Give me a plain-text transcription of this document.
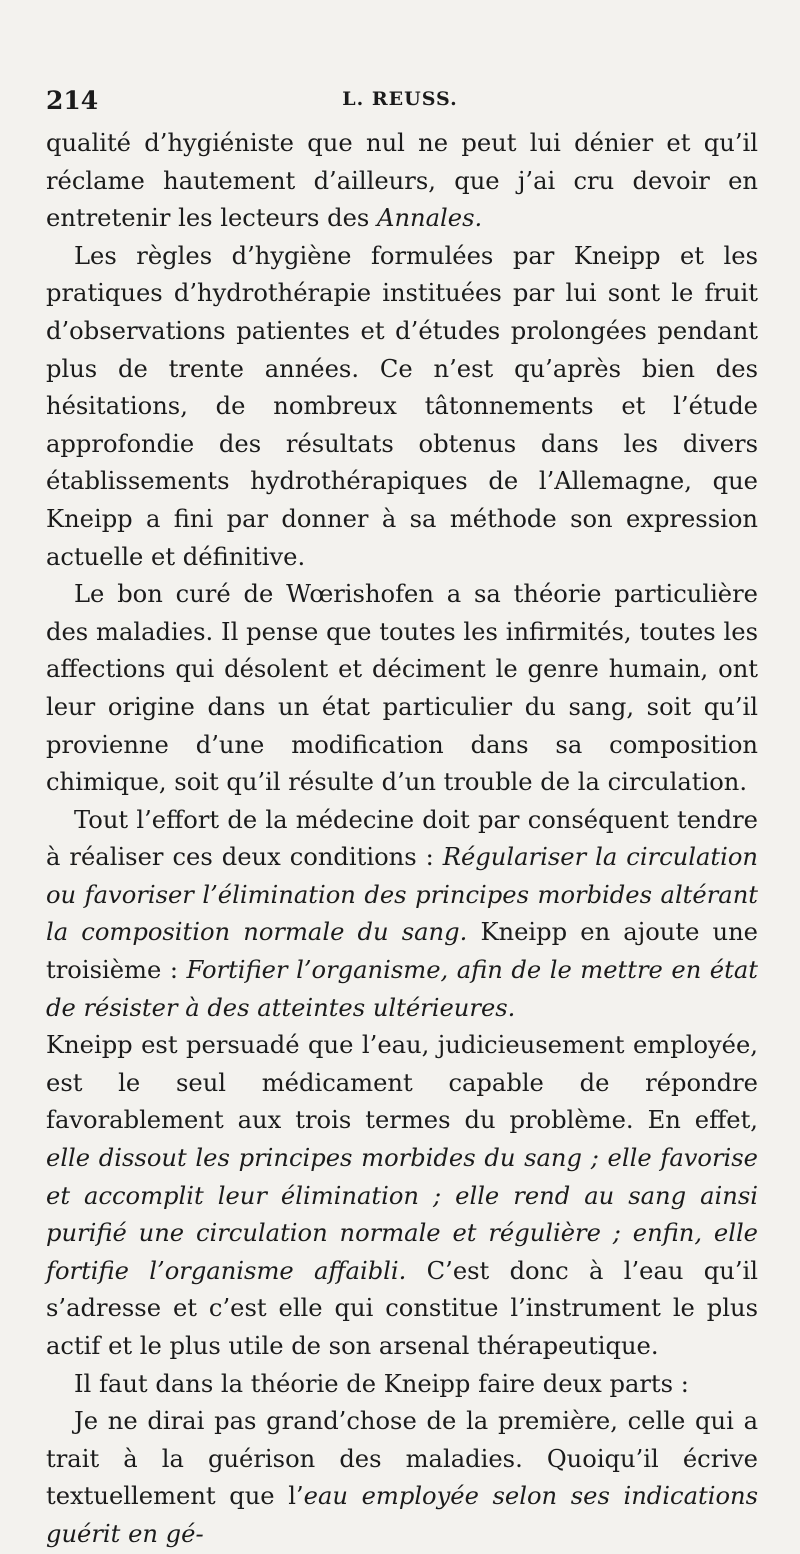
214	L. REUSS.

qualité d’hygiéniste que nul ne peut lui dénier et qu’il réclame hautement d’ailleurs, que j’ai cru devoir en entretenir les lecteurs des Annales.

Les règles d’hygiène formulées par Kneipp et les pratiques d’hydrothérapie instituées par lui sont le fruit d’observations patientes et d’études prolongées pendant plus de trente années. Ce n’est qu’après bien des hésitations, de nombreux tâtonnements et l’étude approfondie des résultats obtenus dans les divers établissements hydrothérapiques de l’Allemagne, que Kneipp a fini par donner à sa méthode son expression actuelle et définitive.

Le bon curé de Wœrishofen a sa théorie particulière des maladies. Il pense que toutes les infirmités, toutes les affections qui désolent et déciment le genre humain, ont leur origine dans un état particulier du sang, soit qu’il provienne d’une modification dans sa composition chimique, soit qu’il résulte d’un trouble de la circulation.

Tout l’effort de la médecine doit par conséquent tendre à réaliser ces deux conditions : Régulariser la circulation ou favoriser l’élimination des principes morbides altérant la composition normale du sang. Kneipp en ajoute une troisième : Fortifier l’organisme, afin de le mettre en état de résister à des atteintes ultérieures.

Kneipp est persuadé que l’eau, judicieusement employée, est le seul médicament capable de répondre favorablement aux trois termes du problème. En effet, elle dissout les principes morbides du sang ; elle favorise et accomplit leur élimination ; elle rend au sang ainsi purifié une circulation normale et régulière ; enfin, elle fortifie l’organisme affaibli. C’est donc à l’eau qu’il s’adresse et c’est elle qui constitue l’instrument le plus actif et le plus utile de son arsenal thérapeutique.

Il faut dans la théorie de Kneipp faire deux parts :

Je ne dirai pas grand’chose de la première, celle qui a trait à la guérison des maladies. Quoiqu’il écrive textuellement que l’eau employée selon ses indications guérit en gé-
